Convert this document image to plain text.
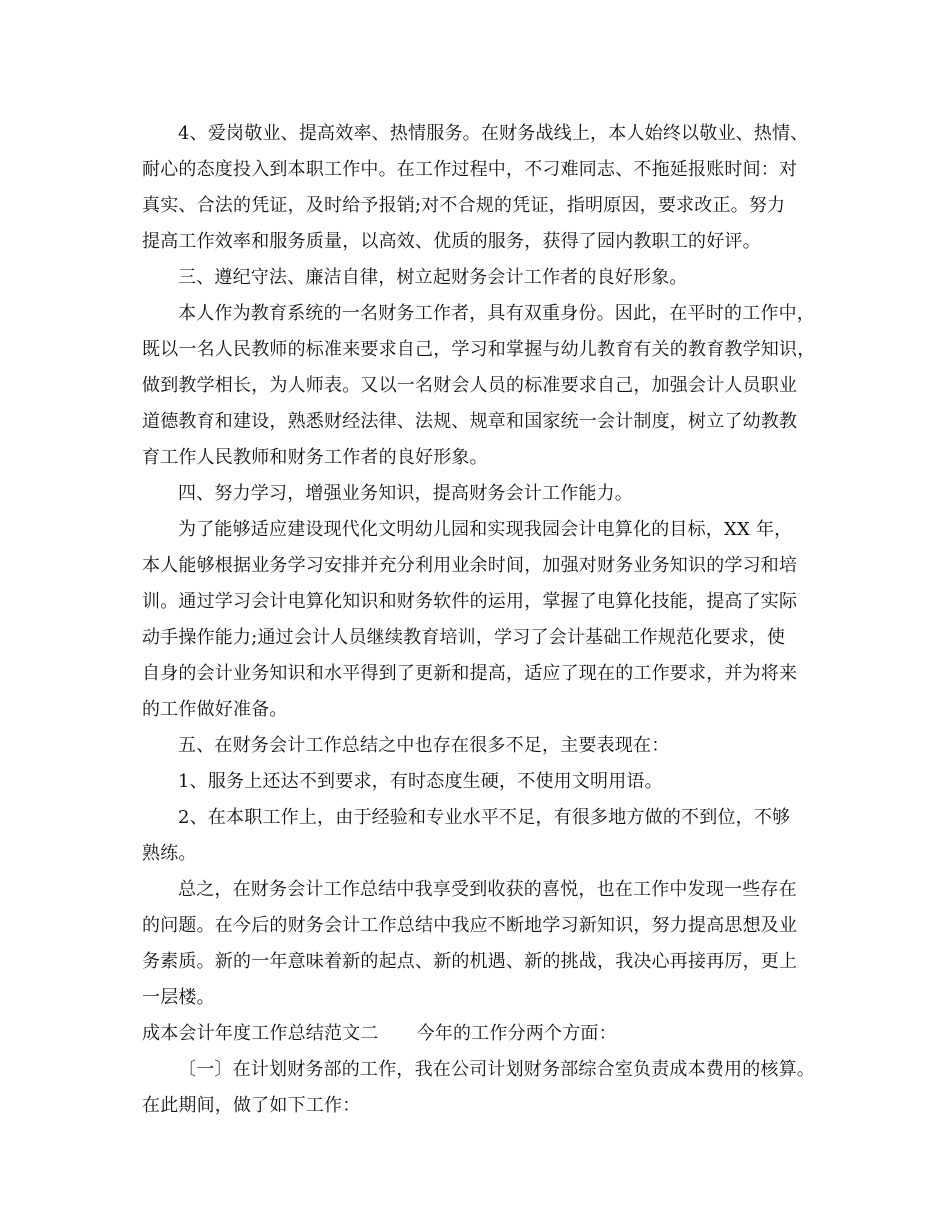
4、爱岗敬业、提高效率、热情服务。在财务战线上，本人始终以敬业、热情、
耐心的态度投入到本职工作中。在工作过程中，不刁难同志、不拖延报账时间：对
真实、合法的凭证，及时给予报销;对不合规的凭证，指明原因，要求改正。努力
提高工作效率和服务质量，以高效、优质的服务，获得了园内教职工的好评。
三、遵纪守法、廉洁自律，树立起财务会计工作者的良好形象。
本人作为教育系统的一名财务工作者，具有双重身份。因此，在平时的工作中，
既以一名人民教师的标准来要求自己，学习和掌握与幼儿教育有关的教育教学知识，
做到教学相长，为人师表。又以一名财会人员的标准要求自己，加强会计人员职业
道德教育和建设，熟悉财经法律、法规、规章和国家统一会计制度，树立了幼教教
育工作人民教师和财务工作者的良好形象。
四、努力学习，增强业务知识，提高财务会计工作能力。
为了能够适应建设现代化文明幼儿园和实现我园会计电算化的目标，XX 年，
本人能够根据业务学习安排并充分利用业余时间，加强对财务业务知识的学习和培
训。通过学习会计电算化知识和财务软件的运用，掌握了电算化技能，提高了实际
动手操作能力;通过会计人员继续教育培训，学习了会计基础工作规范化要求，使
自身的会计业务知识和水平得到了更新和提高，适应了现在的工作要求，并为将来
的工作做好准备。
五、在财务会计工作总结之中也存在很多不足，主要表现在：
1、服务上还达不到要求，有时态度生硬，不使用文明用语。
2、在本职工作上，由于经验和专业水平不足，有很多地方做的不到位，不够
熟练。
总之，在财务会计工作总结中我享受到收获的喜悦，也在工作中发现一些存在
的问题。在今后的财务会计工作总结中我应不断地学习新知识，努力提高思想及业
务素质。新的一年意味着新的起点、新的机遇、新的挑战，我决心再接再厉，更上
一层楼。
成本会计年度工作总结范文二 今年的工作分两个方面：
〔一〕在计划财务部的工作，我在公司计划财务部综合室负责成本费用的核算。
在此期间，做了如下工作：
